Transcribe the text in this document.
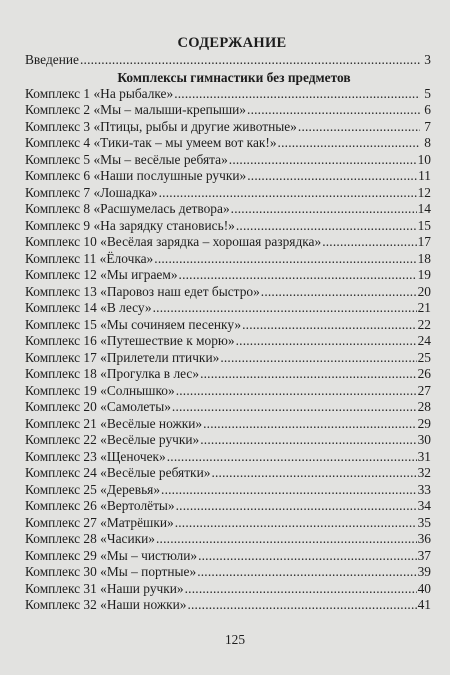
СОДЕРЖАНИЕ
Введение .....	3
Комплексы гимнастики без предметов
Комплекс 1 «На рыбалке» .....	5
Комплекс 2 «Мы – малыши-крепыши» .....	6
Комплекс 3 «Птицы, рыбы и другие животные» .....	7
Комплекс 4 «Тики-так – мы умеем вот как!» .....	8
Комплекс 5 «Мы – весёлые ребята» .....	10
Комплекс 6 «Наши послушные ручки» .....	11
Комплекс 7 «Лошадка» .....	12
Комплекс 8 «Расшумелась детвора» .....	14
Комплекс 9 «На зарядку становись!» .....	15
Комплекс 10 «Весёлая зарядка – хорошая разрядка» .....	17
Комплекс 11 «Ёлочка» .....	18
Комплекс 12 «Мы играем» .....	19
Комплекс 13 «Паровоз наш едет быстро» .....	20
Комплекс 14 «В лесу» .....	21
Комплекс 15 «Мы сочиняем песенку» .....	22
Комплекс 16 «Путешествие к морю» .....	24
Комплекс 17 «Прилетели птички» .....	25
Комплекс 18 «Прогулка в лес» .....	26
Комплекс 19 «Солнышко» .....	27
Комплекс 20 «Самолеты» .....	28
Комплекс 21 «Весёлые ножки» .....	29
Комплекс 22 «Весёлые ручки» .....	30
Комплекс 23 «Щеночек» .....	31
Комплекс 24 «Весёлые ребятки» .....	32
Комплекс 25 «Деревья» .....	33
Комплекс 26 «Вертолёты» .....	34
Комплекс 27 «Матрёшки» .....	35
Комплекс 28 «Часики» .....	36
Комплекс 29 «Мы – чистюли» .....	37
Комплекс 30 «Мы – портные» .....	39
Комплекс 31 «Наши ручки» .....	40
Комплекс 32 «Наши ножки» .....	41
125
